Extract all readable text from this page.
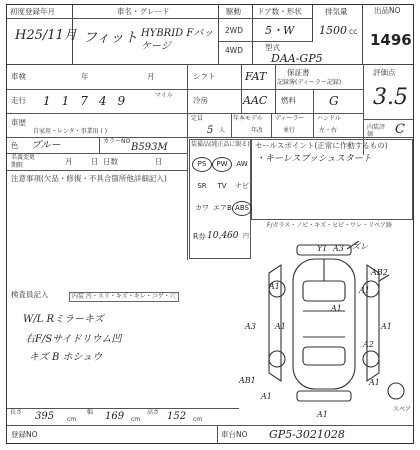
初度登録年月
H25/11月
車名・グレード
フィット HYBRID Fパッケージ
駆動
2WD
4WD
ドア数・形状
5・W
排気量
1500 cc
型式
DAA-GP5
出品NO
1496
車検	年	月	シフト	FAT	保証書
記録簿(ディーラー記録)
評価点
3.5
走行 11749	マイル
冷房	AAC 燃料	G
車歴
自家用・レンタ・事業用 ( )
定員
5 人
年本モデル
年改
ディーラー
並行
ハンドル
左・右	内装評価	C
色 ブルー	カラーNO
B593M
名義変更
期限	月 日 日数	日
注意事項(欠品・修復・不具合箇所他詳細記入)
装備品(純正品に限る)
R券 10,460 円
セールスポイント(正常に作動するもの)
・キーレスプッシュスタート
F/ガラス・ノビ・キズ・ヒビ・ワレ・リペア跡
検査員記入	内装 汚・スリ・キズ・キレ・コゲ・穴
W/L Rミラーキズ
右F/Sサイドリウム凹
キズ B ホシュウ
スペア
長さ 395 cm
幅 169 cm
高さ 152 cm
登録NO	車台NO GP5-3021028
PS	PW	AW
SR	TV	ナビ
カワ エアB ABS
Y1 A3 ズレ
A1	A1
AB2
A1
A3 A1	A1
A2
AB1
A1
A1
A1
